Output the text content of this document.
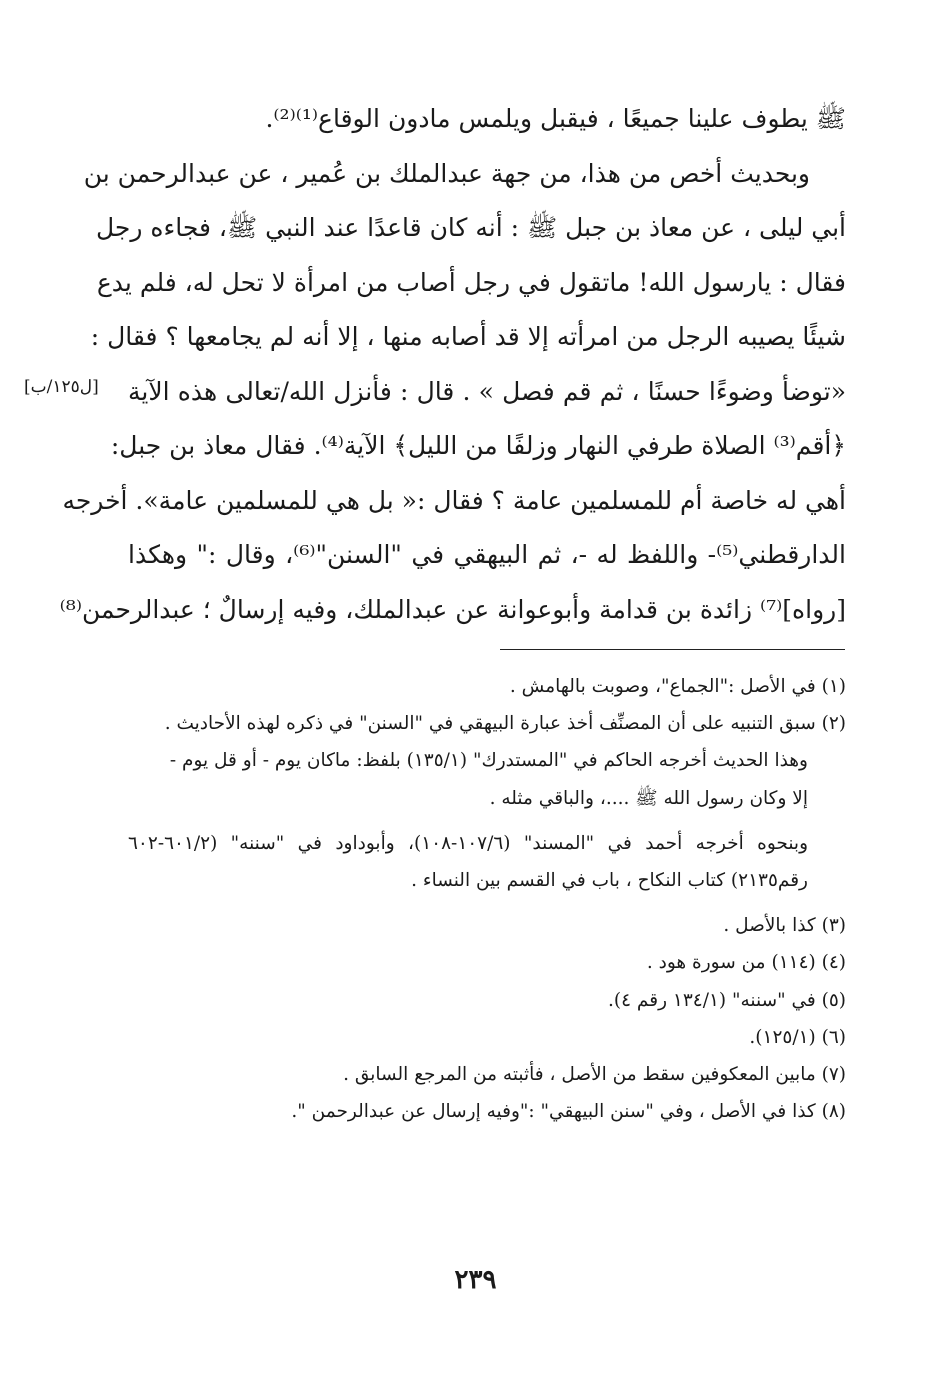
ﷺ يطوف علينا جميعًا ، فيقبل ويلمس مادون الوقاع⁽¹⁾⁽²⁾.
وبحديث أخص من هذا، من جهة عبدالملك بن عُمير ، عن عبدالرحمن بن
أبي ليلى ، عن معاذ بن جبل ﷺ : أنه كان قاعدًا عند النبي ﷺ، فجاءه رجل
فقال : يارسول الله! ماتقول في رجل أصاب من امرأة لا تحل له، فلم يدع
شيئًا يصيبه الرجل من امرأته إلا قد أصابه منها ، إلا أنه لم يجامعها ؟ فقال :
«توضأ وضوءًا حسنًا ، ثم قم فصل » . قال : فأنزل الله/تعالى هذه الآية
﴿أقم⁽³⁾ الصلاة طرفي النهار وزلفًا من الليل﴾ الآية⁽⁴⁾. فقال معاذ بن جبل:
أهي له خاصة أم للمسلمين عامة ؟ فقال :« بل هي للمسلمين عامة». أخرجه
الدارقطني⁽⁵⁾- واللفظ له -، ثم البيهقي في "السنن"⁽⁶⁾، وقال :" وهكذا
[رواه]⁽⁷⁾ زائدة بن قدامة وأبوعوانة عن عبدالملك، وفيه إرسالٌ ؛ عبدالرحمن⁽⁸⁾
[ل١٢٥/ب]
(١) في الأصل :"الجماع"، وصوبت بالهامش .
(٢) سبق التنبيه على أن المصنِّف أخذ عبارة البيهقي في "السنن" في ذكره لهذه الأحاديث .
وهذا الحديث أخرجه الحاكم في "المستدرك" (١٣٥/١) بلفظ: ماكان يوم - أو قل يوم -
إلا وكان رسول الله ﷺ ....، والباقي مثله .
وبنحوه أخرجه أحمد في "المسند" (١٠٧/٦-١٠٨)، وأبوداود في "سننه" (٦٠١/٢-٦٠٢
رقم٢١٣٥) كتاب النكاح ، باب في القسم بين النساء .
(٣) كذا بالأصل .
(٤) (١١٤) من سورة هود .
(٥) في "سننه" (١٣٤/١ رقم ٤).
(٦) (١٢٥/١).
(٧) مابين المعكوفين سقط من الأصل ، فأثبته من المرجع السابق .
(٨) كذا في الأصل ، وفي "سنن البيهقي" :"وفيه إرسال عن عبدالرحمن ".
٢٣٩
